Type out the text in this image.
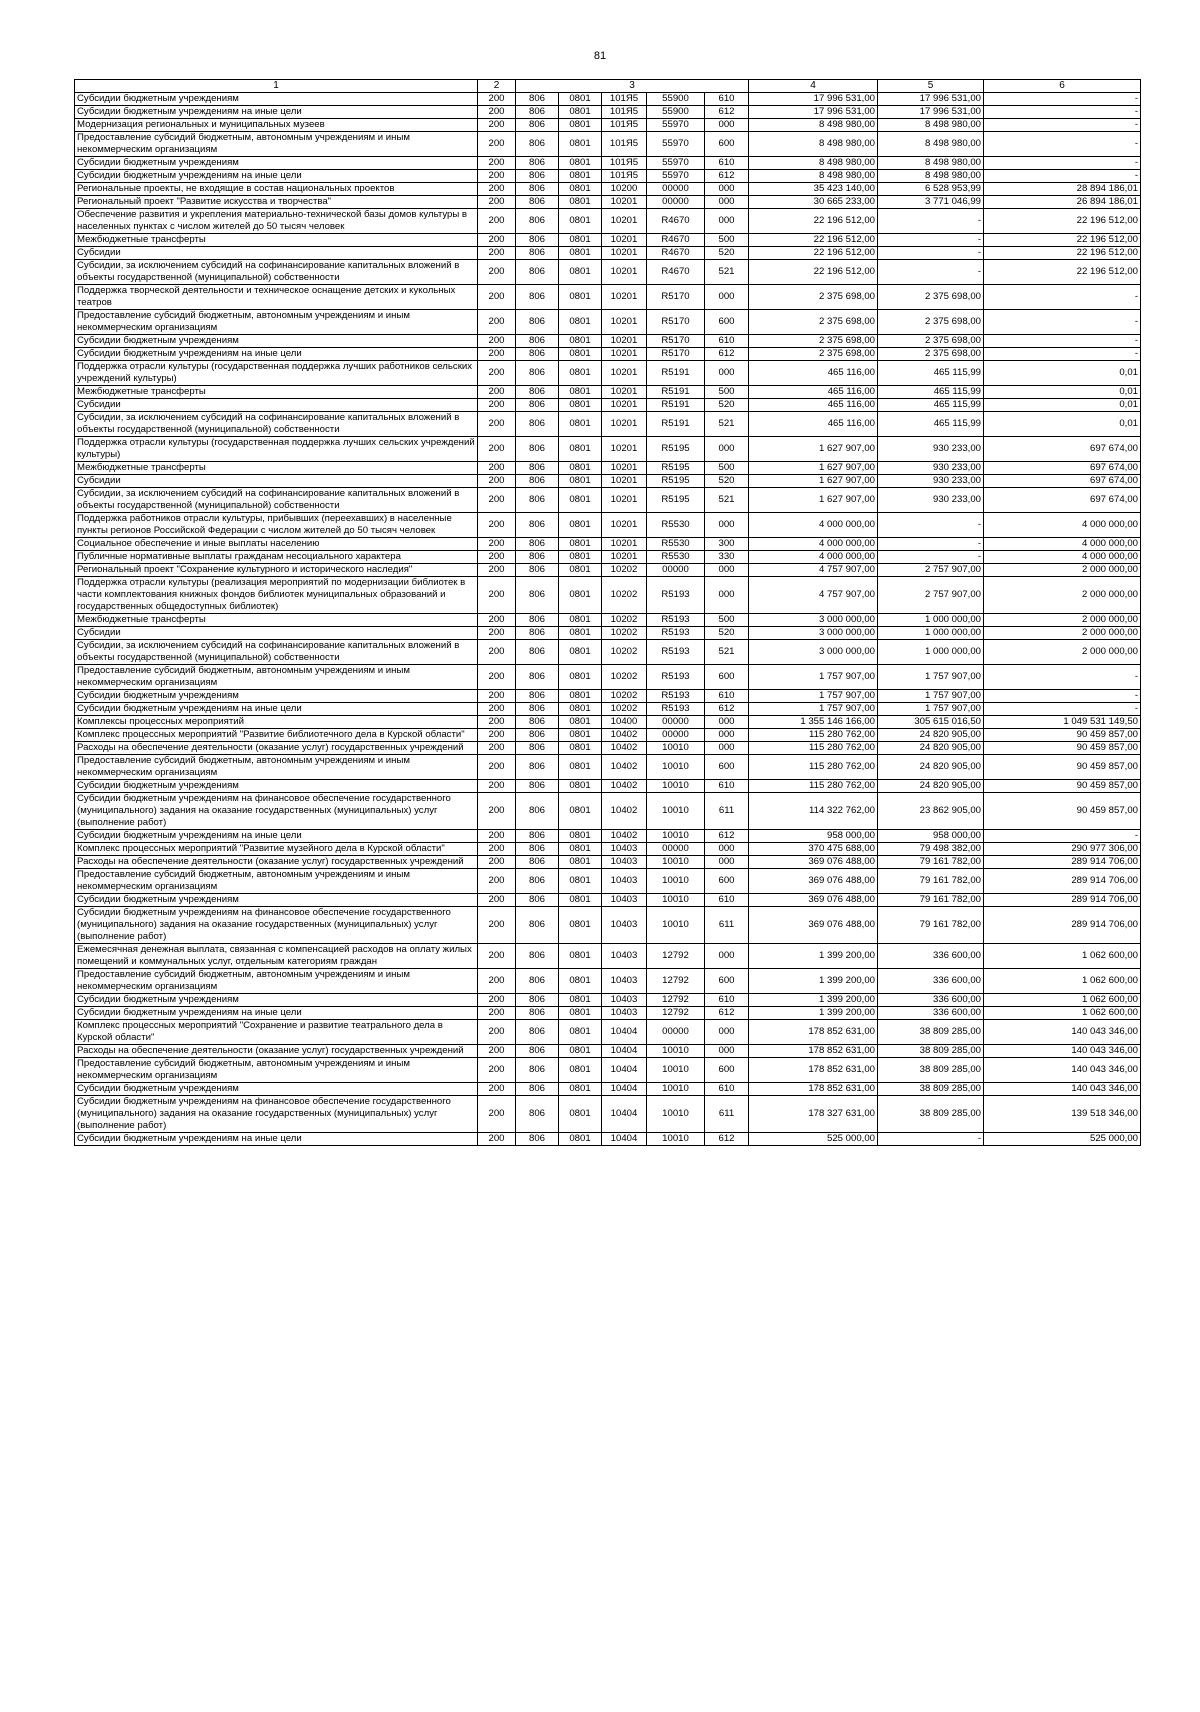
81
1	2	3					4	5	6
Субсидии бюджетным учреждениям	200	806	0801	101Я5	55900	610	17 996 531,00	17 996 531,00	-
Субсидии бюджетным учреждениям на иные цели	200	806	0801	101Я5	55900	612	17 996 531,00	17 996 531,00	-
Модернизация региональных и муниципальных музеев	200	806	0801	101Я5	55970	000	8 498 980,00	8 498 980,00	-
Предоставление субсидий бюджетным, автономным учреждениям и иным некоммерческим организациям	200	806	0801	101Я5	55970	600	8 498 980,00	8 498 980,00	-
Субсидии бюджетным учреждениям	200	806	0801	101Я5	55970	610	8 498 980,00	8 498 980,00	-
Субсидии бюджетным учреждениям на иные цели	200	806	0801	101Я5	55970	612	8 498 980,00	8 498 980,00	-
Региональные проекты, не входящие в состав национальных проектов	200	806	0801	10200	00000	000	35 423 140,00	6 528 953,99	28 894 186,01
Региональный проект "Развитие искусства и творчества"	200	806	0801	10201	00000	000	30 665 233,00	3 771 046,99	26 894 186,01
Обеспечение развития и укрепления материально-технической базы домов культуры в населенных пунктах с числом жителей до 50 тысяч человек	200	806	0801	10201	R4670	000	22 196 512,00	-	22 196 512,00
Межбюджетные трансферты	200	806	0801	10201	R4670	500	22 196 512,00	-	22 196 512,00
Субсидии	200	806	0801	10201	R4670	520	22 196 512,00	-	22 196 512,00
Субсидии, за исключением субсидий на софинансирование капитальных вложений в объекты государственной (муниципальной) собственности	200	806	0801	10201	R4670	521	22 196 512,00	-	22 196 512,00
Поддержка творческой деятельности и техническое оснащение детских и кукольных театров	200	806	0801	10201	R5170	000	2 375 698,00	2 375 698,00	-
Предоставление субсидий бюджетным, автономным учреждениям и иным некоммерческим организациям	200	806	0801	10201	R5170	600	2 375 698,00	2 375 698,00	-
Субсидии бюджетным учреждениям	200	806	0801	10201	R5170	610	2 375 698,00	2 375 698,00	-
Субсидии бюджетным учреждениям на иные цели	200	806	0801	10201	R5170	612	2 375 698,00	2 375 698,00	-
Поддержка отрасли культуры (государственная поддержка лучших работников сельских учреждений культуры)	200	806	0801	10201	R5191	000	465 116,00	465 115,99	0,01
Межбюджетные трансферты	200	806	0801	10201	R5191	500	465 116,00	465 115,99	0,01
Субсидии	200	806	0801	10201	R5191	520	465 116,00	465 115,99	0,01
Субсидии, за исключением субсидий на софинансирование капитальных вложений в объекты государственной (муниципальной) собственности	200	806	0801	10201	R5191	521	465 116,00	465 115,99	0,01
Поддержка отрасли культуры (государственная поддержка лучших сельских учреждений культуры)	200	806	0801	10201	R5195	000	1 627 907,00	930 233,00	697 674,00
Межбюджетные трансферты	200	806	0801	10201	R5195	500	1 627 907,00	930 233,00	697 674,00
Субсидии	200	806	0801	10201	R5195	520	1 627 907,00	930 233,00	697 674,00
Субсидии, за исключением субсидий на софинансирование капитальных вложений в объекты государственной (муниципальной) собственности	200	806	0801	10201	R5195	521	1 627 907,00	930 233,00	697 674,00
Поддержка работников отрасли культуры, прибывших (переехавших) в населенные пункты регионов Российской Федерации с числом жителей до 50 тысяч человек	200	806	0801	10201	R5530	000	4 000 000,00	-	4 000 000,00
Социальное обеспечение и иные выплаты населению	200	806	0801	10201	R5530	300	4 000 000,00	-	4 000 000,00
Публичные нормативные выплаты гражданам несоциального характера	200	806	0801	10201	R5530	330	4 000 000,00	-	4 000 000,00
Региональный проект "Сохранение культурного и исторического наследия"	200	806	0801	10202	00000	000	4 757 907,00	2 757 907,00	2 000 000,00
Поддержка отрасли культуры (реализация мероприятий по модернизации библиотек в части комплектования книжных фондов библиотек муниципальных образований и государственных общедоступных библиотек)	200	806	0801	10202	R5193	000	4 757 907,00	2 757 907,00	2 000 000,00
Межбюджетные трансферты	200	806	0801	10202	R5193	500	3 000 000,00	1 000 000,00	2 000 000,00
Субсидии	200	806	0801	10202	R5193	520	3 000 000,00	1 000 000,00	2 000 000,00
Субсидии, за исключением субсидий на софинансирование капитальных вложений в объекты государственной (муниципальной) собственности	200	806	0801	10202	R5193	521	3 000 000,00	1 000 000,00	2 000 000,00
Предоставление субсидий бюджетным, автономным учреждениям и иным некоммерческим организациям	200	806	0801	10202	R5193	600	1 757 907,00	1 757 907,00	-
Субсидии бюджетным учреждениям	200	806	0801	10202	R5193	610	1 757 907,00	1 757 907,00	-
Субсидии бюджетным учреждениям на иные цели	200	806	0801	10202	R5193	612	1 757 907,00	1 757 907,00	-
Комплексы процессных мероприятий	200	806	0801	10400	00000	000	1 355 146 166,00	305 615 016,50	1 049 531 149,50
Комплекс процессных мероприятий "Развитие библиотечного дела в Курской области"	200	806	0801	10402	00000	000	115 280 762,00	24 820 905,00	90 459 857,00
Расходы на обеспечение деятельности (оказание услуг) государственных учреждений	200	806	0801	10402	10010	000	115 280 762,00	24 820 905,00	90 459 857,00
Предоставление субсидий бюджетным, автономным учреждениям и иным некоммерческим организациям	200	806	0801	10402	10010	600	115 280 762,00	24 820 905,00	90 459 857,00
Субсидии бюджетным учреждениям	200	806	0801	10402	10010	610	115 280 762,00	24 820 905,00	90 459 857,00
Субсидии бюджетным учреждениям на финансовое обеспечение государственного (муниципального) задания на оказание государственных (муниципальных) услуг (выполнение работ)	200	806	0801	10402	10010	611	114 322 762,00	23 862 905,00	90 459 857,00
Субсидии бюджетным учреждениям на иные цели	200	806	0801	10402	10010	612	958 000,00	958 000,00	-
Комплекс процессных мероприятий "Развитие музейного дела в Курской области"	200	806	0801	10403	00000	000	370 475 688,00	79 498 382,00	290 977 306,00
Расходы на обеспечение деятельности (оказание услуг) государственных учреждений	200	806	0801	10403	10010	000	369 076 488,00	79 161 782,00	289 914 706,00
Предоставление субсидий бюджетным, автономным учреждениям и иным некоммерческим организациям	200	806	0801	10403	10010	600	369 076 488,00	79 161 782,00	289 914 706,00
Субсидии бюджетным учреждениям	200	806	0801	10403	10010	610	369 076 488,00	79 161 782,00	289 914 706,00
Субсидии бюджетным учреждениям на финансовое обеспечение государственного (муниципального) задания на оказание государственных (муниципальных) услуг (выполнение работ)	200	806	0801	10403	10010	611	369 076 488,00	79 161 782,00	289 914 706,00
Ежемесячная денежная выплата, связанная с компенсацией расходов на оплату жилых помещений и коммунальных услуг, отдельным категориям граждан	200	806	0801	10403	12792	000	1 399 200,00	336 600,00	1 062 600,00
Предоставление субсидий бюджетным, автономным учреждениям и иным некоммерческим организациям	200	806	0801	10403	12792	600	1 399 200,00	336 600,00	1 062 600,00
Субсидии бюджетным учреждениям	200	806	0801	10403	12792	610	1 399 200,00	336 600,00	1 062 600,00
Субсидии бюджетным учреждениям на иные цели	200	806	0801	10403	12792	612	1 399 200,00	336 600,00	1 062 600,00
Комплекс процессных мероприятий "Сохранение и развитие театрального дела в Курской области"	200	806	0801	10404	00000	000	178 852 631,00	38 809 285,00	140 043 346,00
Расходы на обеспечение деятельности (оказание услуг) государственных учреждений	200	806	0801	10404	10010	000	178 852 631,00	38 809 285,00	140 043 346,00
Предоставление субсидий бюджетным, автономным учреждениям и иным некоммерческим организациям	200	806	0801	10404	10010	600	178 852 631,00	38 809 285,00	140 043 346,00
Субсидии бюджетным учреждениям	200	806	0801	10404	10010	610	178 852 631,00	38 809 285,00	140 043 346,00
Субсидии бюджетным учреждениям на финансовое обеспечение государственного (муниципального) задания на оказание государственных (муниципальных) услуг (выполнение работ)	200	806	0801	10404	10010	611	178 327 631,00	38 809 285,00	139 518 346,00
Субсидии бюджетным учреждениям на иные цели	200	806	0801	10404	10010	612	525 000,00	-	525 000,00
